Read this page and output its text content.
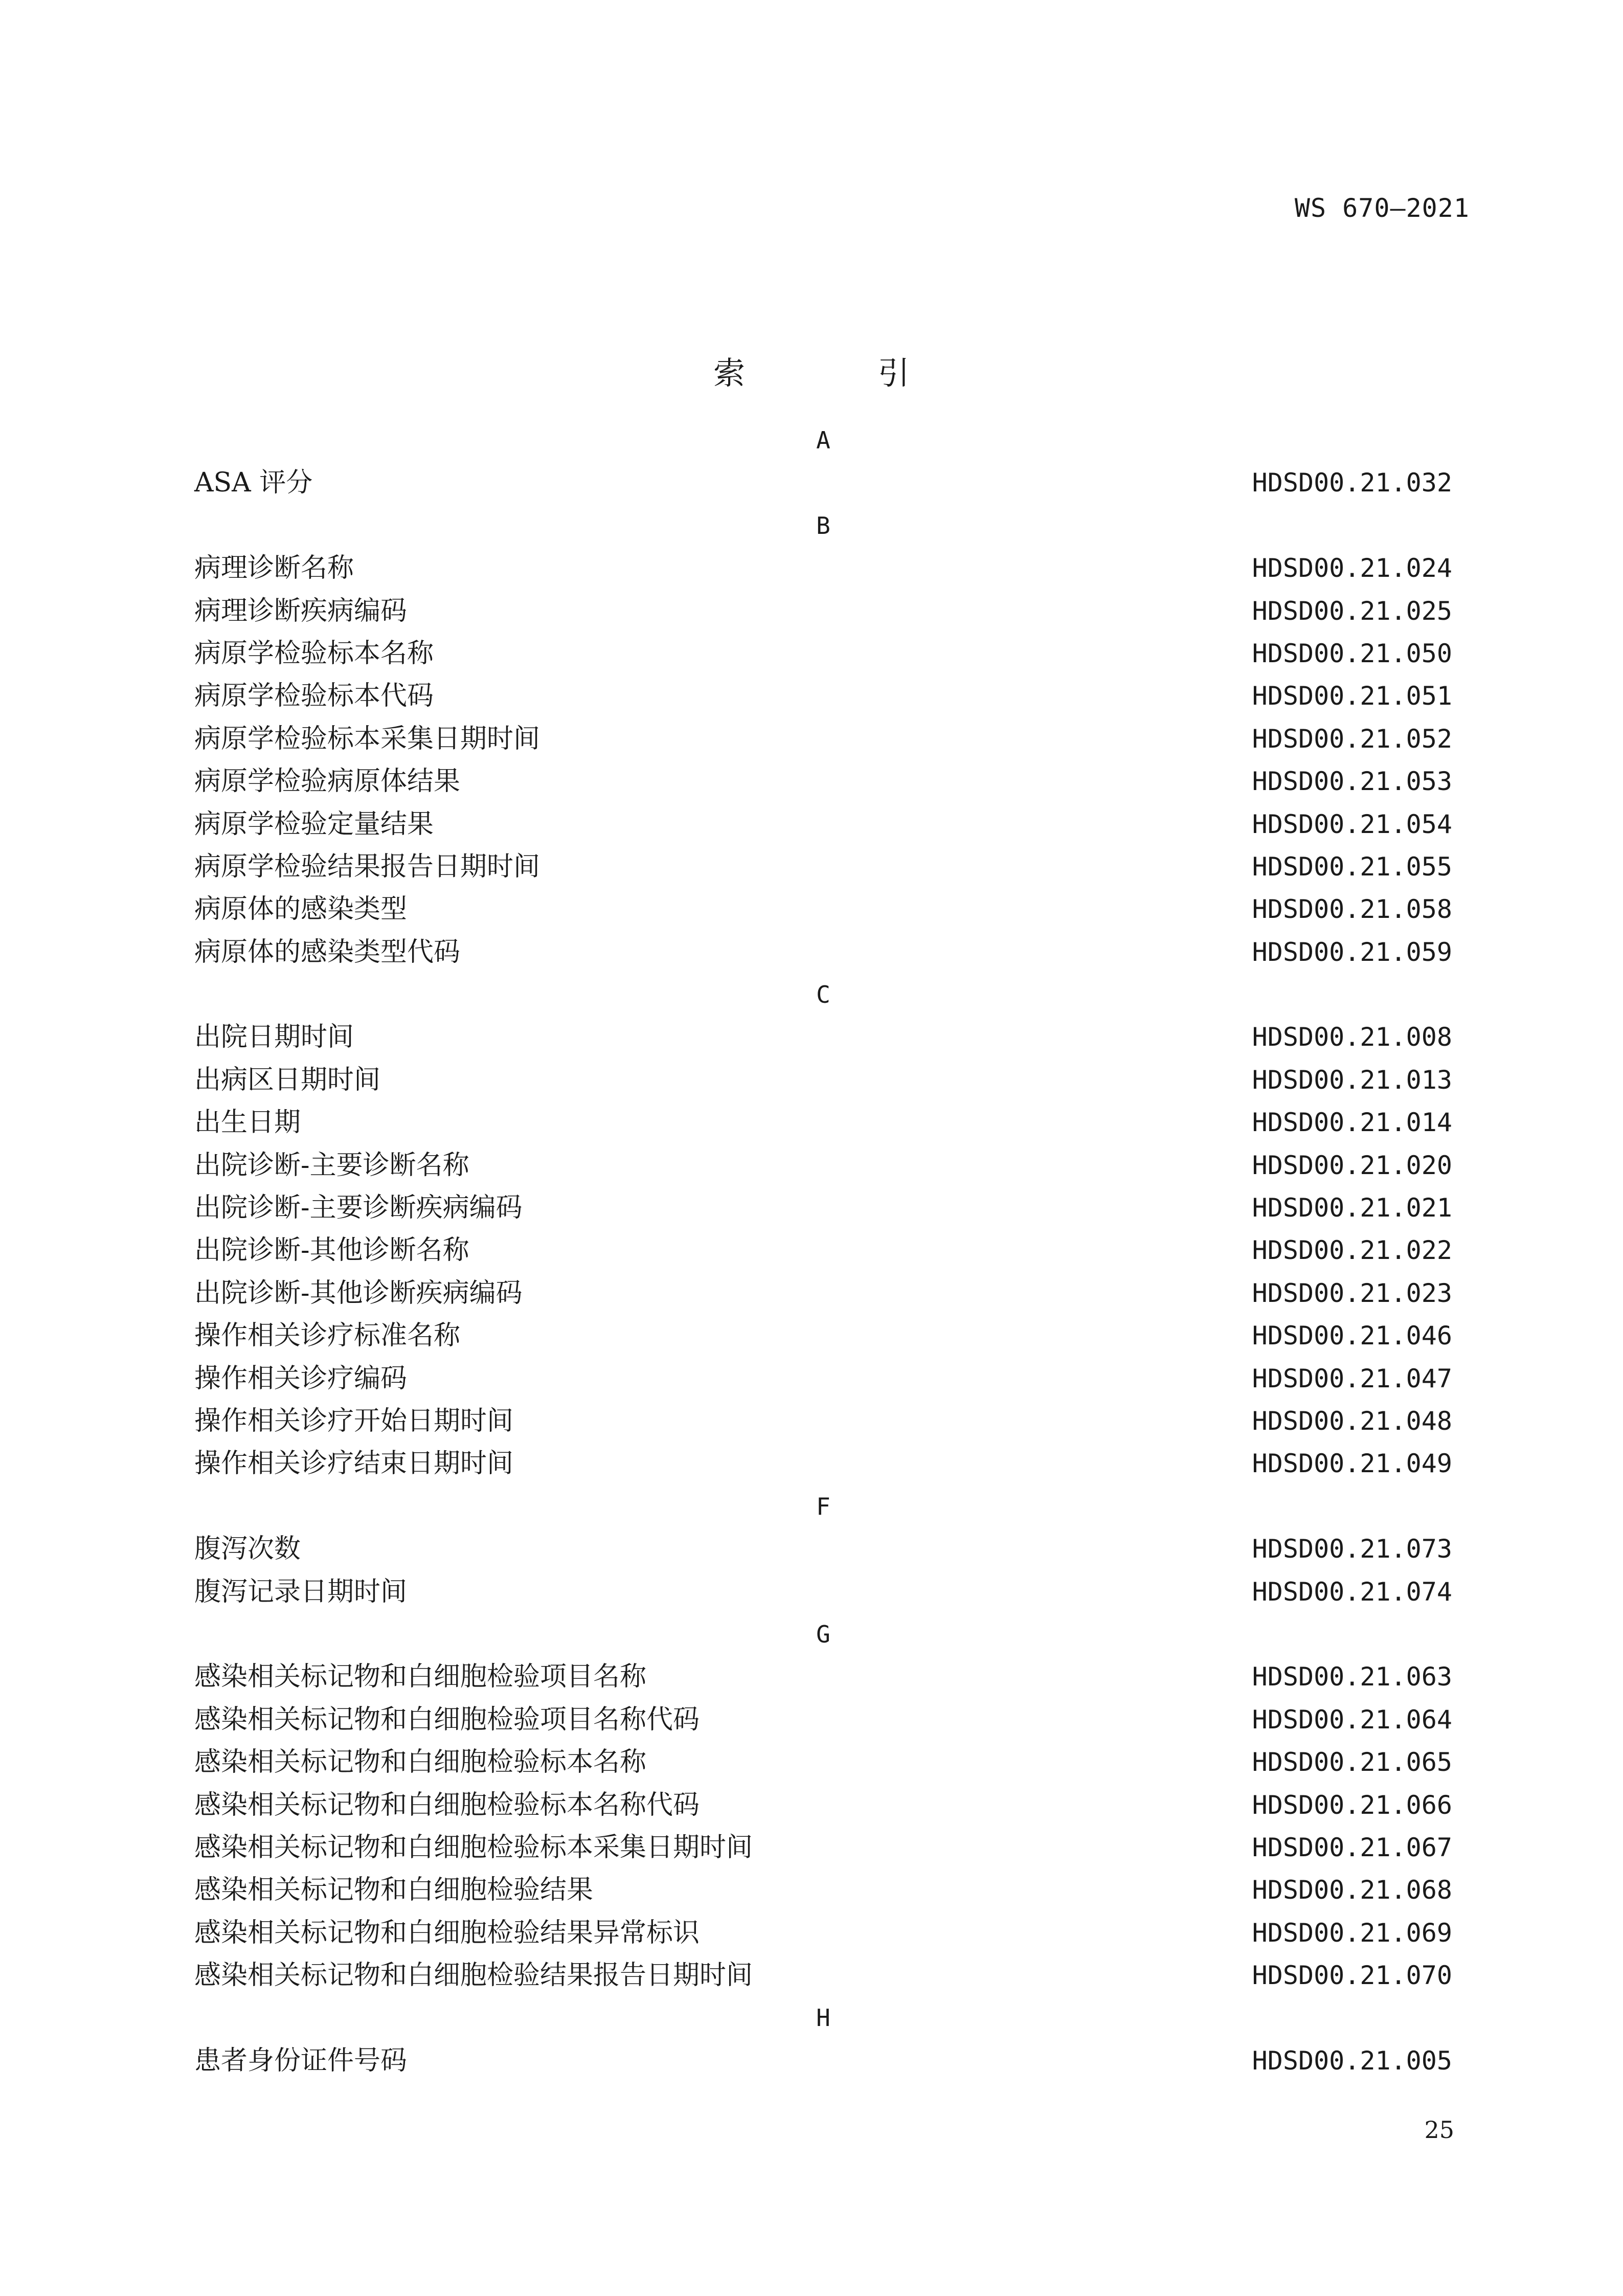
WS 670—2021
索 引
A
ASA 评分	HDSD00.21.032
B
病理诊断名称	HDSD00.21.024
病理诊断疾病编码	HDSD00.21.025
病原学检验标本名称	HDSD00.21.050
病原学检验标本代码	HDSD00.21.051
病原学检验标本采集日期时间	HDSD00.21.052
病原学检验病原体结果	HDSD00.21.053
病原学检验定量结果	HDSD00.21.054
病原学检验结果报告日期时间	HDSD00.21.055
病原体的感染类型	HDSD00.21.058
病原体的感染类型代码	HDSD00.21.059
C
出院日期时间	HDSD00.21.008
出病区日期时间	HDSD00.21.013
出生日期	HDSD00.21.014
出院诊断-主要诊断名称	HDSD00.21.020
出院诊断-主要诊断疾病编码	HDSD00.21.021
出院诊断-其他诊断名称	HDSD00.21.022
出院诊断-其他诊断疾病编码	HDSD00.21.023
操作相关诊疗标准名称	HDSD00.21.046
操作相关诊疗编码	HDSD00.21.047
操作相关诊疗开始日期时间	HDSD00.21.048
操作相关诊疗结束日期时间	HDSD00.21.049
F
腹泻次数	HDSD00.21.073
腹泻记录日期时间	HDSD00.21.074
G
感染相关标记物和白细胞检验项目名称	HDSD00.21.063
感染相关标记物和白细胞检验项目名称代码	HDSD00.21.064
感染相关标记物和白细胞检验标本名称	HDSD00.21.065
感染相关标记物和白细胞检验标本名称代码	HDSD00.21.066
感染相关标记物和白细胞检验标本采集日期时间	HDSD00.21.067
感染相关标记物和白细胞检验结果	HDSD00.21.068
感染相关标记物和白细胞检验结果异常标识	HDSD00.21.069
感染相关标记物和白细胞检验结果报告日期时间	HDSD00.21.070
H
患者身份证件号码	HDSD00.21.005
25
